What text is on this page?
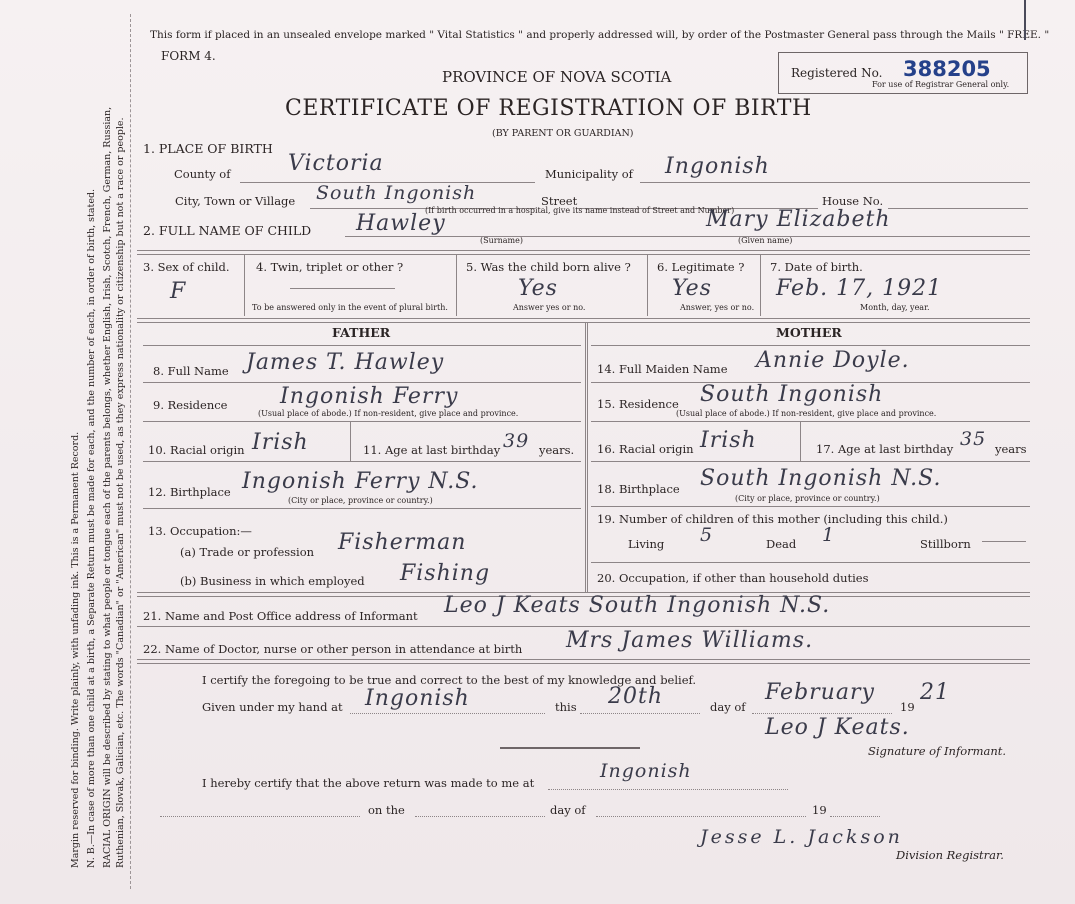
Margin reserved for binding. Write plainly, with unfading ink. This is a Permanent Record. N. B.—In case of more than one child at a birth, a Separate Return must be made for each, and the number of each, in order of birth, stated. RACIAL ORIGIN will be described by stating to what people or tongue each of the parents belongs, whether English, Irish, Scotch, French, German, Russian, Ruthenian, Slovak, Galician, etc. The words "Canadian" or "American" must not be used, as they express nationality or citizenship but not a race or people.
This form if placed in an unsealed envelope marked " Vital Statistics " and properly addressed will, by order of the Postmaster General pass through the Mails " FREE. "
FORM 4.
PROVINCE OF NOVA SCOTIA
CERTIFICATE OF REGISTRATION OF BIRTH
(BY PARENT OR GUARDIAN)
Registered No. 388205
For use of Registrar General only.
1. PLACE OF BIRTH
County of	Victoria	Municipality of Ingonish
City, Town or Village South Ingonish	Street	House No.
(If birth occurred in a hospital, give its name instead of Street and Number)
2. FULL NAME OF CHILD Hawley
(Surname)
Mary Elizabeth
(Given name)
3. Sex of child.
F
4. Twin, triplet or other ?
To be answered only in the event of plural birth.
5. Was the child born alive ?
Yes
Answer yes or no.
6. Legitimate ?
Yes
Answer, yes or no.
7. Date of birth.
Feb. 17, 1921
Month, day, year.
FATHER	MOTHER
8. Full Name James T. Hawley
9. Residence Ingonish Ferry
(Usual place of abode.) If non-resident, give place and province.
10. Racial origin Irish	11. Age at last birthday 39 years.
12. Birthplace Ingonish Ferry N.S.
(City or place, province or country.)
13. Occupation:—
(a) Trade or profession Fisherman
(b) Business in which employed Fishing
14. Full Maiden Name Annie Doyle.
15. Residence South Ingonish
(Usual place of abode.) If non-resident, give place and province.
16. Racial origin Irish	17. Age at last birthday 35 years
18. Birthplace South Ingonish N.S.
(City or place, province or country.)
19. Number of children of this mother (including this child.)
Living 5	Dead 1	Stillborn
20. Occupation, if other than household duties
21. Name and Post Office address of Informant Leo J Keats South Ingonish N.S.
22. Name of Doctor, nurse or other person in attendance at birth Mrs James Williams.
I certify the foregoing to be true and correct to the best of my knowledge and belief.
Given under my hand at Ingonish	this 20th	day of
February
19
21
Leo J Keats.
Signature of Informant.
I hereby certify that the above return was made to me at
Ingonish
on the	day of	19
Jesse L. Jackson
Division Registrar.
